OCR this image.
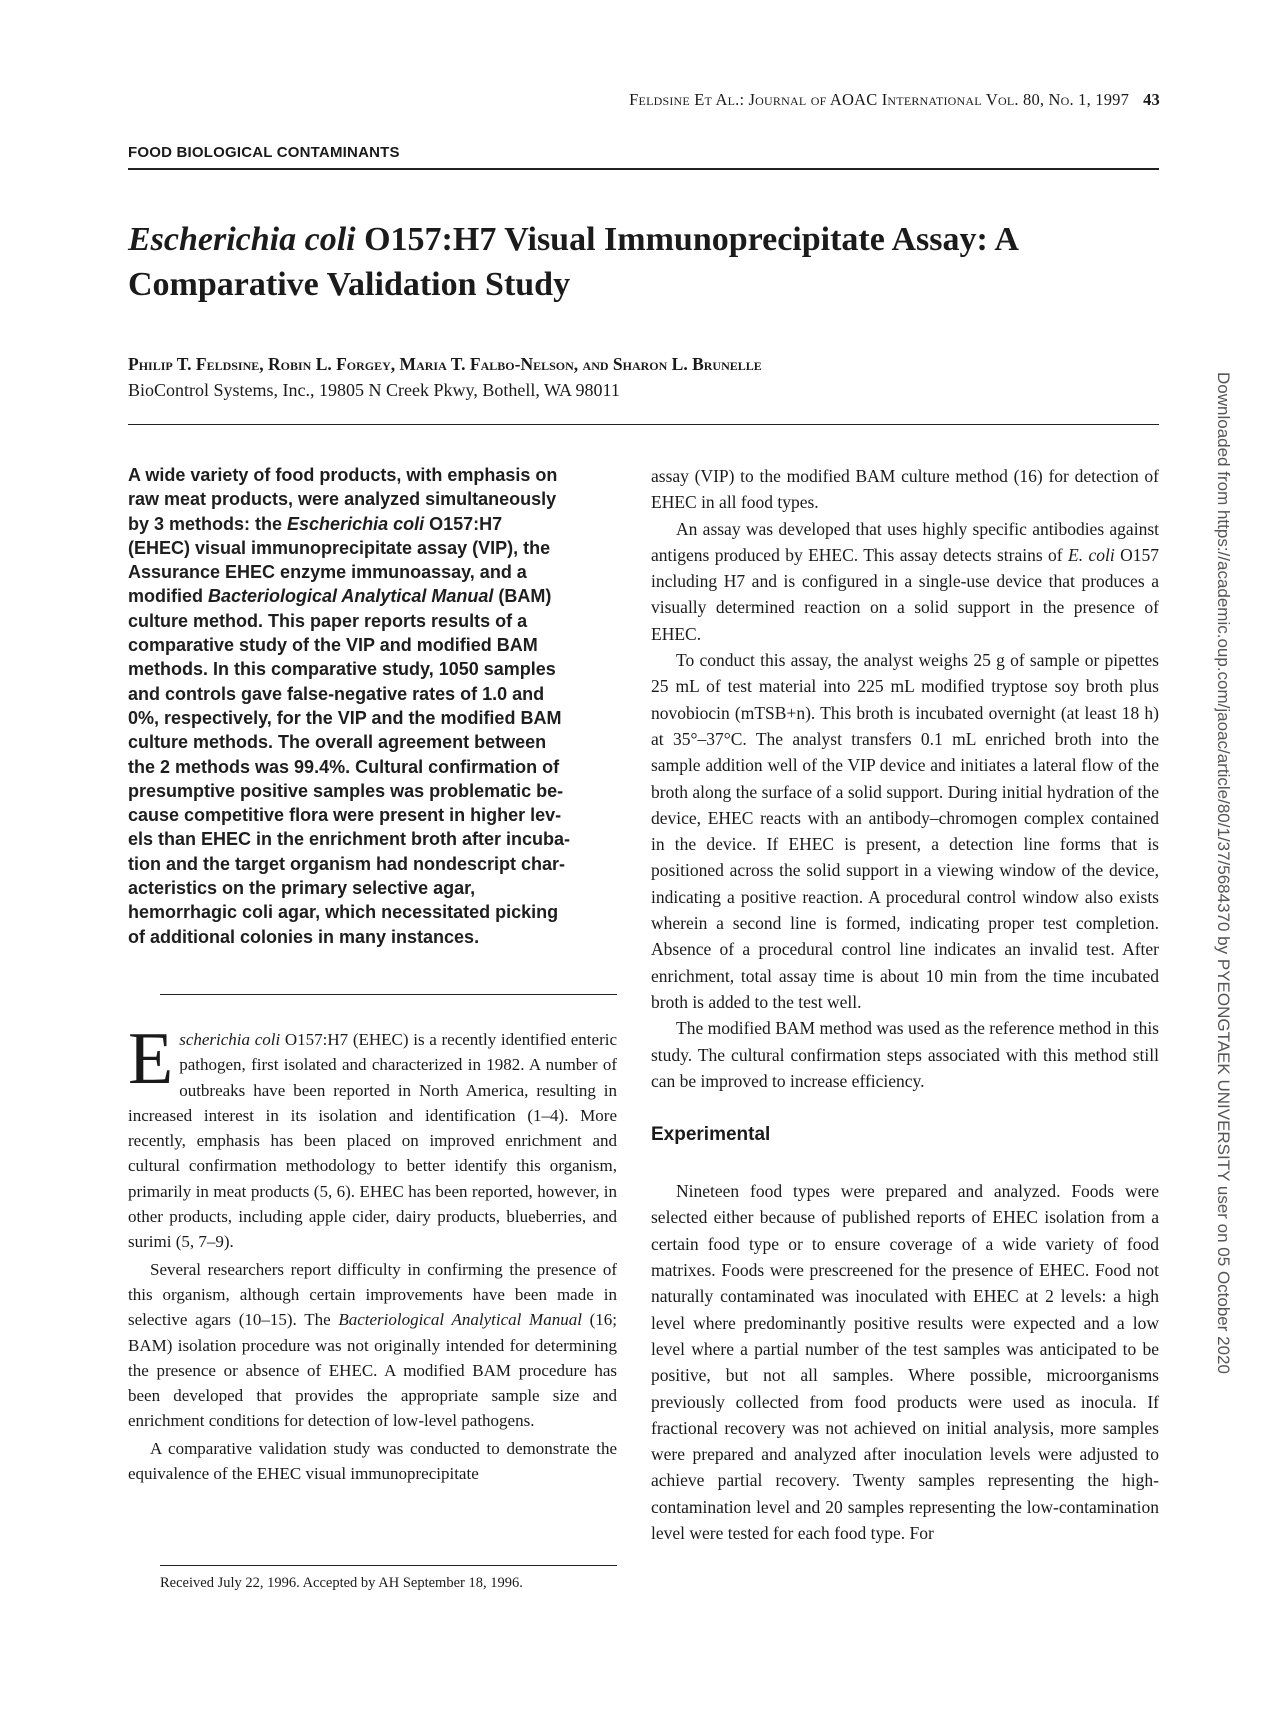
Feldsine Et Al.: Journal of AOAC International Vol. 80, No. 1, 1997 43
FOOD BIOLOGICAL CONTAMINANTS
Escherichia coli O157:H7 Visual Immunoprecipitate Assay: A Comparative Validation Study
Philip T. Feldsine, Robin L. Forgey, Maria T. Falbo-Nelson, and Sharon L. Brunelle
BioControl Systems, Inc., 19805 N Creek Pkwy, Bothell, WA 98011
A wide variety of food products, with emphasis on
raw meat products, were analyzed simultaneously
by 3 methods: the Escherichia coli O157:H7
(EHEC) visual immunoprecipitate assay (VIP), the
Assurance EHEC enzyme immunoassay, and a
modified Bacteriological Analytical Manual (BAM)
culture method. This paper reports results of a
comparative study of the VIP and modified BAM
methods. In this comparative study, 1050 samples
and controls gave false-negative rates of 1.0 and
0%, respectively, for the VIP and the modified BAM
culture methods. The overall agreement between
the 2 methods was 99.4%. Cultural confirmation of
presumptive positive samples was problematic be-
cause competitive flora were present in higher lev-
els than EHEC in the enrichment broth after incuba-
tion and the target organism had nondescript char-
acteristics on the primary selective agar,
hemorrhagic coli agar, which necessitated picking
of additional colonies in many instances.

Escherichia coli O157:H7 (EHEC) is a recently identified enteric pathogen, first isolated and characterized in 1982. A number of outbreaks have been reported in North America, resulting in increased interest in its isolation and identification (1–4). More recently, emphasis has been placed on improved enrichment and cultural confirmation methodology to better identify this organism, primarily in meat products (5, 6). EHEC has been reported, however, in other products, including apple cider, dairy products, blueberries, and surimi (5, 7–9).

Several researchers report difficulty in confirming the presence of this organism, although certain improvements have been made in selective agars (10–15). The Bacteriological Analytical Manual (16; BAM) isolation procedure was not originally intended for determining the presence or absence of EHEC. A modified BAM procedure has been developed that provides the appropriate sample size and enrichment conditions for detection of low-level pathogens.

A comparative validation study was conducted to demonstrate the equivalence of the EHEC visual immunoprecipitate

Received July 22, 1996. Accepted by AH September 18, 1996.

assay (VIP) to the modified BAM culture method (16) for detection of EHEC in all food types.

An assay was developed that uses highly specific antibodies against antigens produced by EHEC. This assay detects strains of E. coli O157 including H7 and is configured in a single-use device that produces a visually determined reaction on a solid support in the presence of EHEC.

To conduct this assay, the analyst weighs 25 g of sample or pipettes 25 mL of test material into 225 mL modified tryptose soy broth plus novobiocin (mTSB+n). This broth is incubated overnight (at least 18 h) at 35°–37°C. The analyst transfers 0.1 mL enriched broth into the sample addition well of the VIP device and initiates a lateral flow of the broth along the surface of a solid support. During initial hydration of the device, EHEC reacts with an antibody–chromogen complex contained in the device. If EHEC is present, a detection line forms that is positioned across the solid support in a viewing window of the device, indicating a positive reaction. A procedural control window also exists wherein a second line is formed, indicating proper test completion. Absence of a procedural control line indicates an invalid test. After enrichment, total assay time is about 10 min from the time incubated broth is added to the test well.

The modified BAM method was used as the reference method in this study. The cultural confirmation steps associated with this method still can be improved to increase efficiency.

Experimental

Nineteen food types were prepared and analyzed. Foods were selected either because of published reports of EHEC isolation from a certain food type or to ensure coverage of a wide variety of food matrixes. Foods were prescreened for the presence of EHEC. Food not naturally contaminated was inoculated with EHEC at 2 levels: a high level where predominantly positive results were expected and a low level where a partial number of the test samples was anticipated to be positive, but not all samples. Where possible, microorganisms previously collected from food products were used as inocula. If fractional recovery was not achieved on initial analysis, more samples were prepared and analyzed after inoculation levels were adjusted to achieve partial recovery. Twenty samples representing the high-contamination level and 20 samples representing the low-contamination level were tested for each food type. For

Downloaded from https://academic.oup.com/jaoac/article/80/1/37/5684370 by PYEONGTAEK UNIVERSITY user on 05 October 2020
